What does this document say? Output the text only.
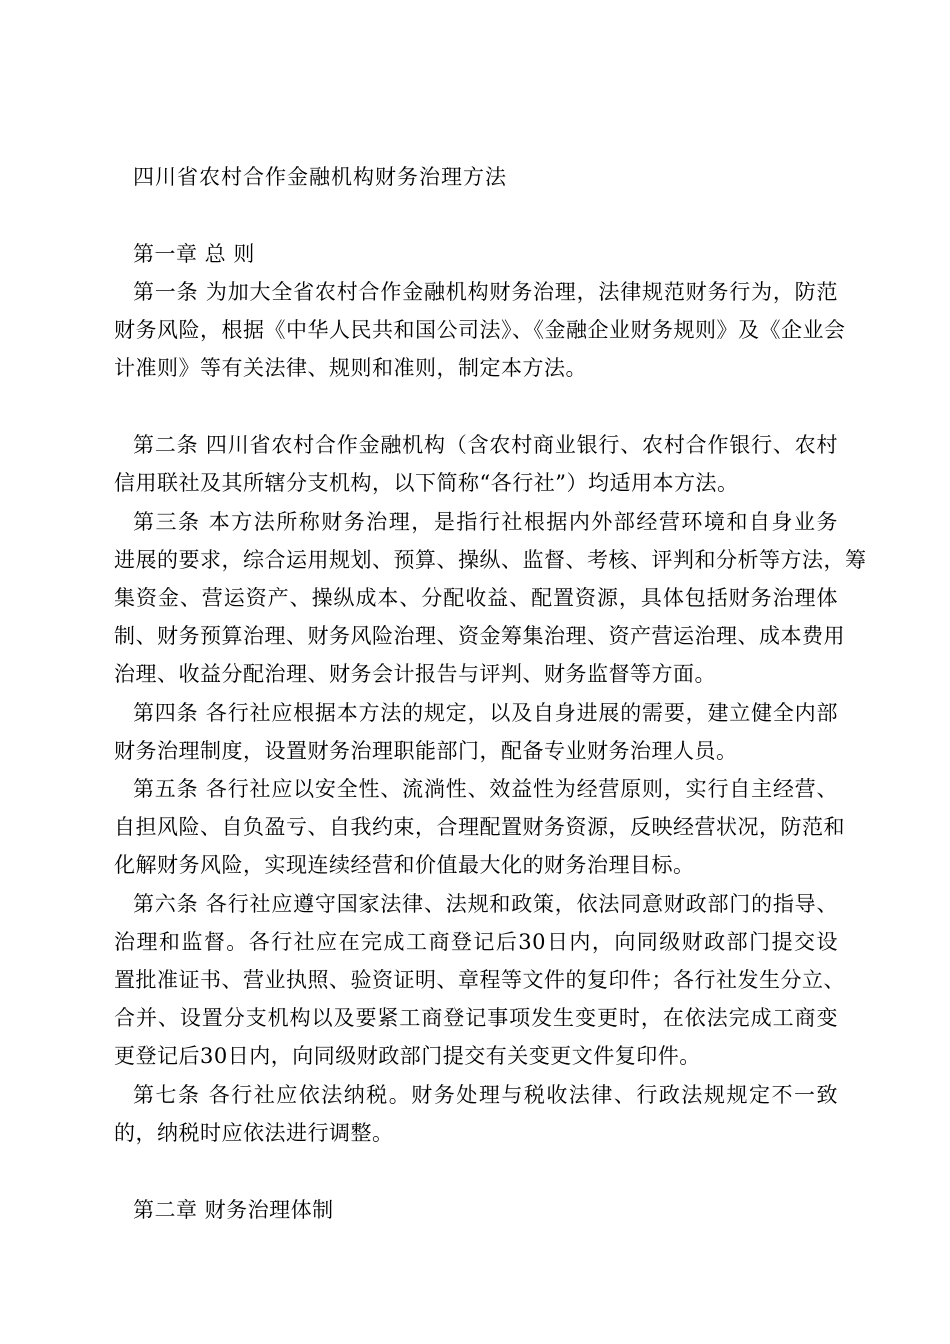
四川省农村合作金融机构财务治理方法
第一章 总 则
第一条 为加大全省农村合作金融机构财务治理，法律规范财务行为，防范
财务风险，根据《中华人民共和国公司法》、《金融企业财务规则》及《企业会
计准则》等有关法律、规则和准则，制定本方法。
第二条 四川省农村合作金融机构（含农村商业银行、农村合作银行、农村
信用联社及其所辖分支机构，以下简称“各行社”）均适用本方法。
第三条 本方法所称财务治理，是指行社根据内外部经营环境和自身业务
进展的要求，综合运用规划、预算、操纵、监督、考核、评判和分析等方法，筹
集资金、营运资产、操纵成本、分配收益、配置资源，具体包括财务治理体
制、财务预算治理、财务风险治理、资金筹集治理、资产营运治理、成本费用
治理、收益分配治理、财务会计报告与评判、财务监督等方面。
第四条 各行社应根据本方法的规定，以及自身进展的需要，建立健全内部
财务治理制度，设置财务治理职能部门，配备专业财务治理人员。
第五条 各行社应以安全性、流淌性、效益性为经营原则，实行自主经营、
自担风险、自负盈亏、自我约束，合理配置财务资源，反映经营状况，防范和
化解财务风险，实现连续经营和价值最大化的财务治理目标。
第六条 各行社应遵守国家法律、法规和政策，依法同意财政部门的指导、
治理和监督。各行社应在完成工商登记后30日内，向同级财政部门提交设
置批准证书、营业执照、验资证明、章程等文件的复印件；各行社发生分立、
合并、设置分支机构以及要紧工商登记事项发生变更时，在依法完成工商变
更登记后30日内，向同级财政部门提交有关变更文件复印件。
第七条 各行社应依法纳税。财务处理与税收法律、行政法规规定不一致
的，纳税时应依法进行调整。
第二章 财务治理体制
